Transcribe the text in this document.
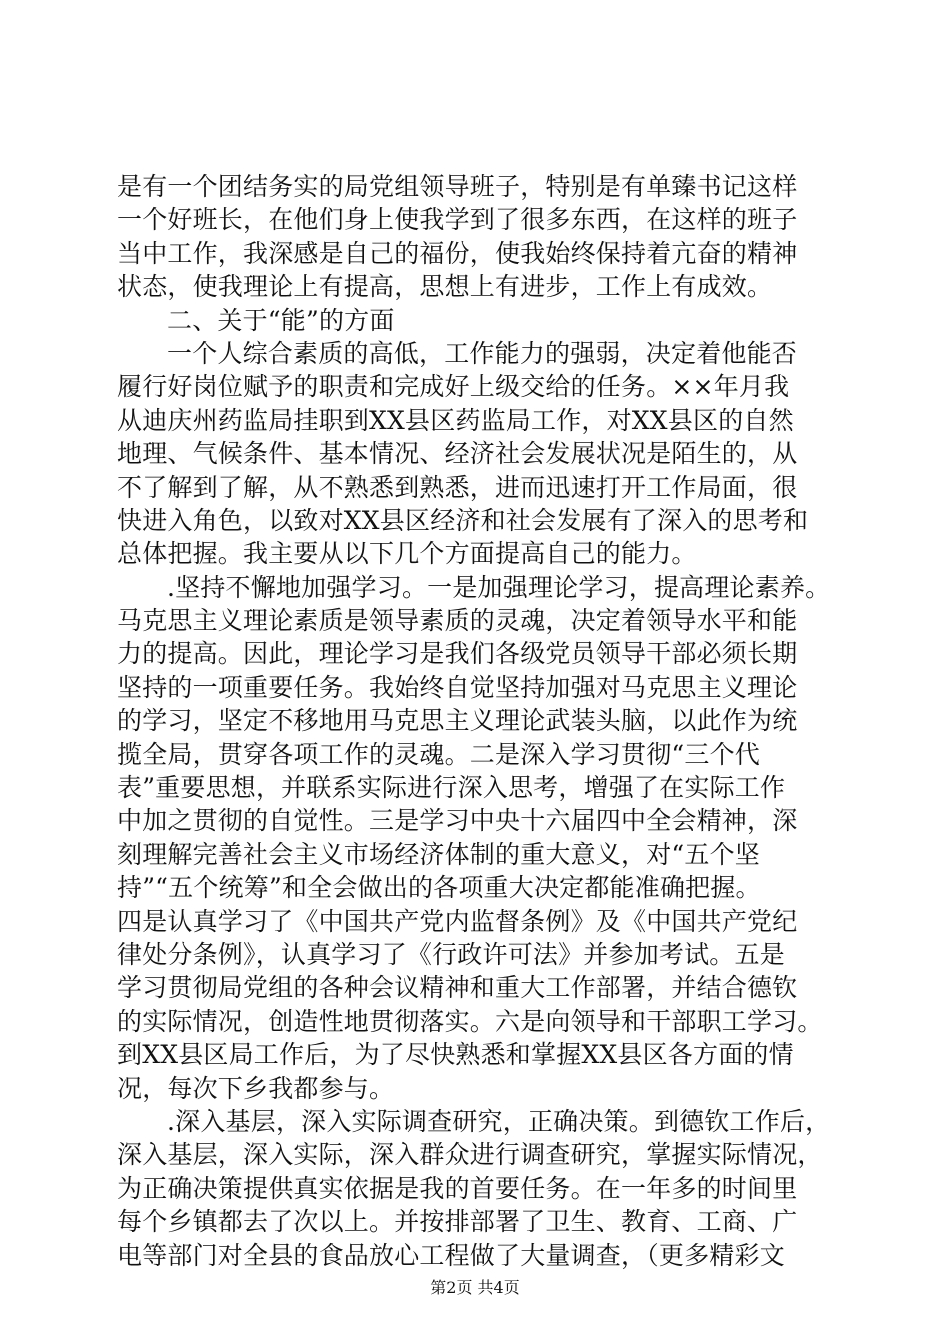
是有一个团结务实的局党组领导班子，特别是有单臻书记这样
一个好班长，在他们身上使我学到了很多东西，在这样的班子
当中工作，我深感是自己的福份，使我始终保持着亢奋的精神
状态，使我理论上有提高，思想上有进步，工作上有成效。
二、关于“能”的方面
一个人综合素质的高低，工作能力的强弱，决定着他能否
履行好岗位赋予的职责和完成好上级交给的任务。××年月我
从迪庆州药监局挂职到XX县区药监局工作，对XX县区的自然
地理、气候条件、基本情况、经济社会发展状况是陌生的，从
不了解到了解，从不熟悉到熟悉，进而迅速打开工作局面，很
快进入角色，以致对XX县区经济和社会发展有了深入的思考和
总体把握。我主要从以下几个方面提高自己的能力。
.坚持不懈地加强学习。一是加强理论学习，提高理论素养。
马克思主义理论素质是领导素质的灵魂，决定着领导水平和能
力的提高。因此，理论学习是我们各级党员领导干部必须长期
坚持的一项重要任务。我始终自觉坚持加强对马克思主义理论
的学习，坚定不移地用马克思主义理论武装头脑，以此作为统
揽全局，贯穿各项工作的灵魂。二是深入学习贯彻“三个代
表”重要思想，并联系实际进行深入思考，增强了在实际工作
中加之贯彻的自觉性。三是学习中央十六届四中全会精神，深
刻理解完善社会主义市场经济体制的重大意义，对“五个坚
持”“五个统筹”和全会做出的各项重大决定都能准确把握。
四是认真学习了《中国共产党内监督条例》及《中国共产党纪
律处分条例》，认真学习了《行政许可法》并参加考试。五是
学习贯彻局党组的各种会议精神和重大工作部署，并结合德钦
的实际情况，创造性地贯彻落实。六是向领导和干部职工学习。
到XX县区局工作后，为了尽快熟悉和掌握XX县区各方面的情
况，每次下乡我都参与。
.深入基层，深入实际调查研究，正确决策。到德钦工作后，
深入基层，深入实际，深入群众进行调查研究，掌握实际情况，
为正确决策提供真实依据是我的首要任务。在一年多的时间里
每个乡镇都去了次以上。并按排部署了卫生、教育、工商、广
电等部门对全县的食品放心工程做了大量调查，（更多精彩文
第2页 共4页
